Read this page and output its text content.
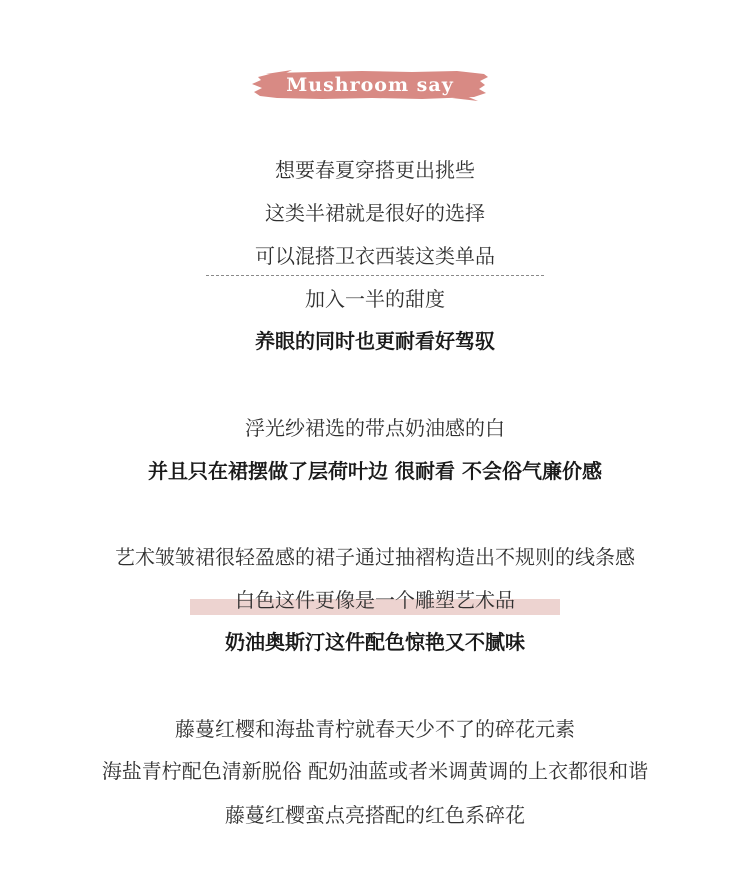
Mushroom say
想要春夏穿搭更出挑些
这类半裙就是很好的选择
可以混搭卫衣西装这类单品
加入一半的甜度
养眼的同时也更耐看好驾驭
浮光纱裙选的带点奶油感的白
并且只在裙摆做了层荷叶边 很耐看 不会俗气廉价感
艺术皱皱裙很轻盈感的裙子通过抽褶构造出不规则的线条感
白色这件更像是一个雕塑艺术品
奶油奥斯汀这件配色惊艳又不腻味
藤蔓红樱和海盐青柠就春天少不了的碎花元素
海盐青柠配色清新脱俗 配奶油蓝或者米调黄调的上衣都很和谐
藤蔓红樱蛮点亮搭配的红色系碎花
